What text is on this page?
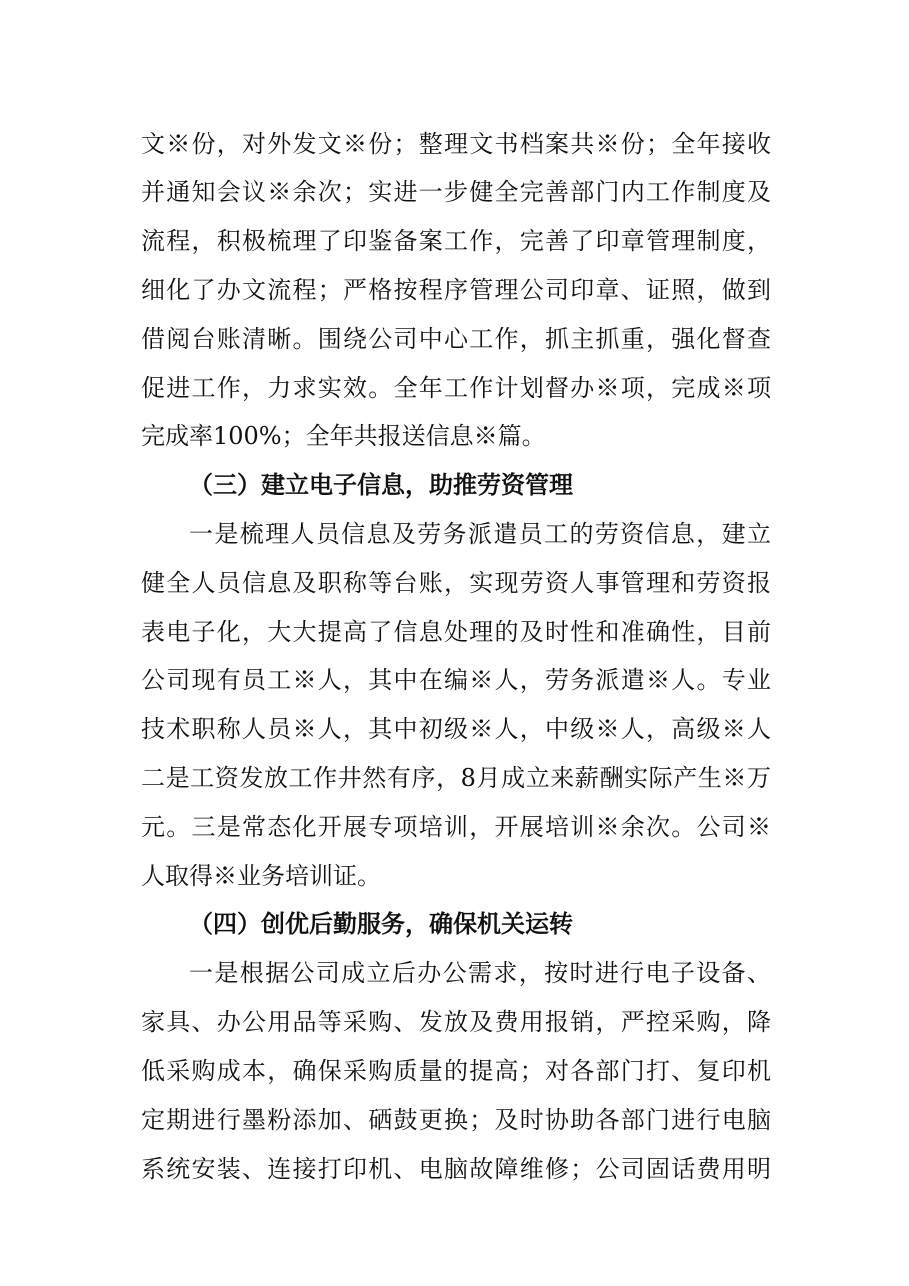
文※份，对外发文※份；整理文书档案共※份；全年接收
并通知会议※余次；实进一步健全完善部门内工作制度及
流程，积极梳理了印鉴备案工作，完善了印章管理制度，
细化了办文流程；严格按程序管理公司印章、证照，做到
借阅台账清晰。围绕公司中心工作，抓主抓重，强化督查
促进工作，力求实效。全年工作计划督办※项，完成※项
完成率100%；全年共报送信息※篇。
（三）建立电子信息，助推劳资管理
一是梳理人员信息及劳务派遣员工的劳资信息，建立
健全人员信息及职称等台账，实现劳资人事管理和劳资报
表电子化，大大提高了信息处理的及时性和准确性，目前
公司现有员工※人，其中在编※人，劳务派遣※人。专业
技术职称人员※人，其中初级※人，中级※人，高级※人
二是工资发放工作井然有序，8月成立来薪酬实际产生※万
元。三是常态化开展专项培训，开展培训※余次。公司※
人取得※业务培训证。
（四）创优后勤服务，确保机关运转
一是根据公司成立后办公需求，按时进行电子设备、
家具、办公用品等采购、发放及费用报销，严控采购，降
低采购成本，确保采购质量的提高；对各部门打、复印机
定期进行墨粉添加、硒鼓更换；及时协助各部门进行电脑
系统安装、连接打印机、电脑故障维修；公司固话费用明
